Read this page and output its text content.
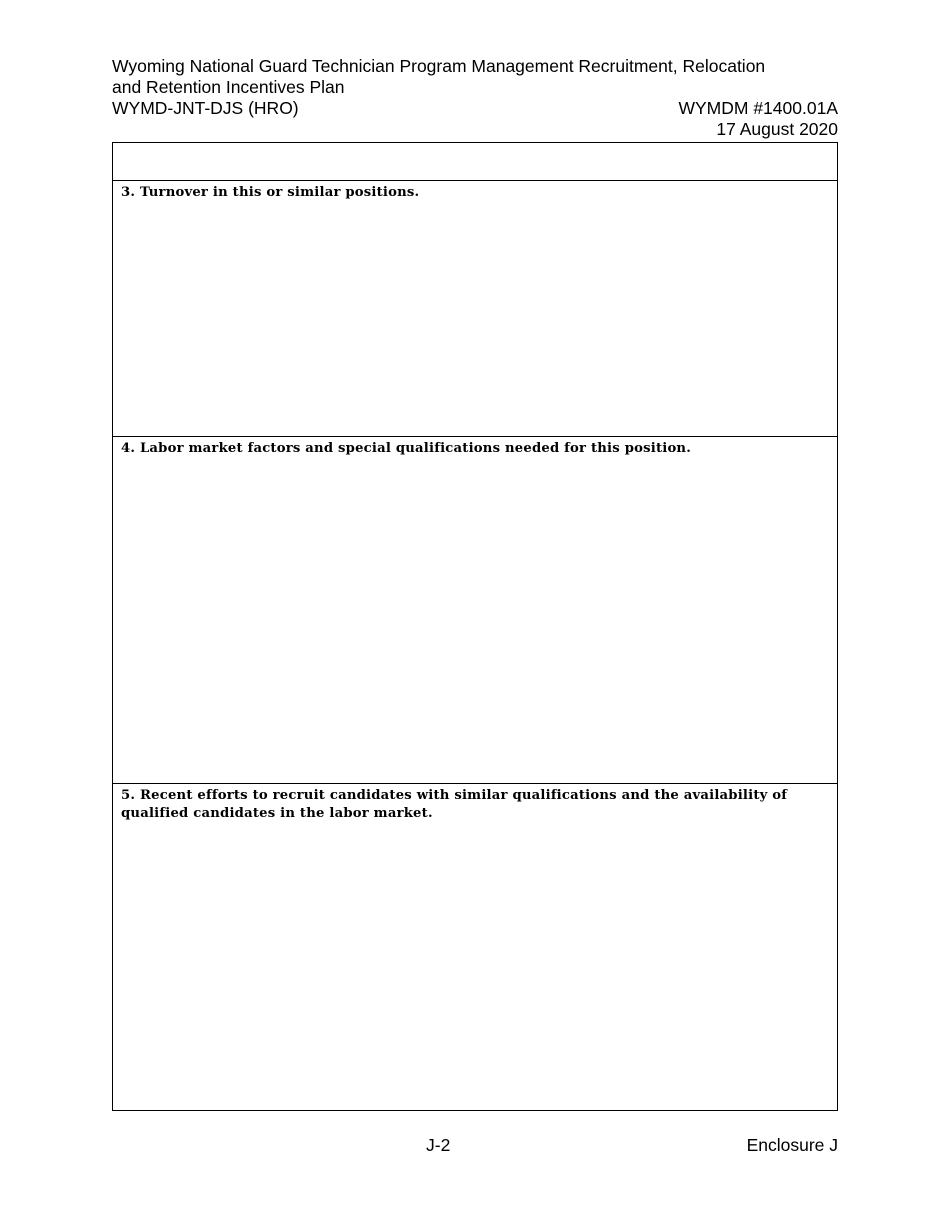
Wyoming National Guard Technician Program Management Recruitment, Relocation
and Retention Incentives Plan
WYMD-JNT-DJS (HRO)	WYMDM #1400.01A
17 August 2020
3. Turnover in this or similar positions.
4. Labor market factors and special qualifications needed for this position.
5. Recent efforts to recruit candidates with similar qualifications and the availability of qualified candidates in the labor market.
J-2	Enclosure J
